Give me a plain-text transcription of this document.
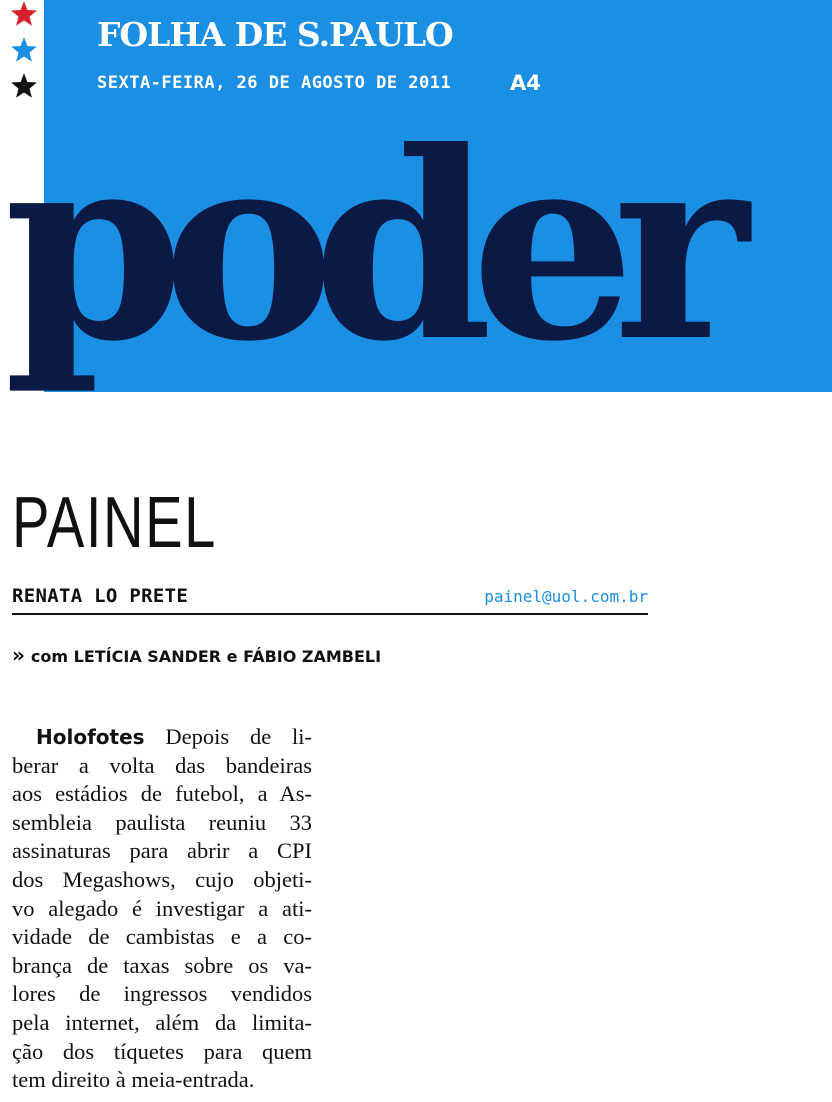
FOLHA DE S.PAULO
SEXTA-FEIRA, 26 DE AGOSTO DE 2011	A4
poder
PAINEL
RENATA LO PRETE	painel@uol.com.br
» com LETÍCIA SANDER e FÁBIO ZAMBELI
Holofotes Depois de li-
berar a volta das bandeiras
aos estádios de futebol, a As-
sembleia paulista reuniu 33
assinaturas para abrir a CPI
dos Megashows, cujo objeti-
vo alegado é investigar a ati-
vidade de cambistas e a co-
brança de taxas sobre os va-
lores de ingressos vendidos
pela internet, além da limita-
ção dos tíquetes para quem
tem direito à meia-entrada.
